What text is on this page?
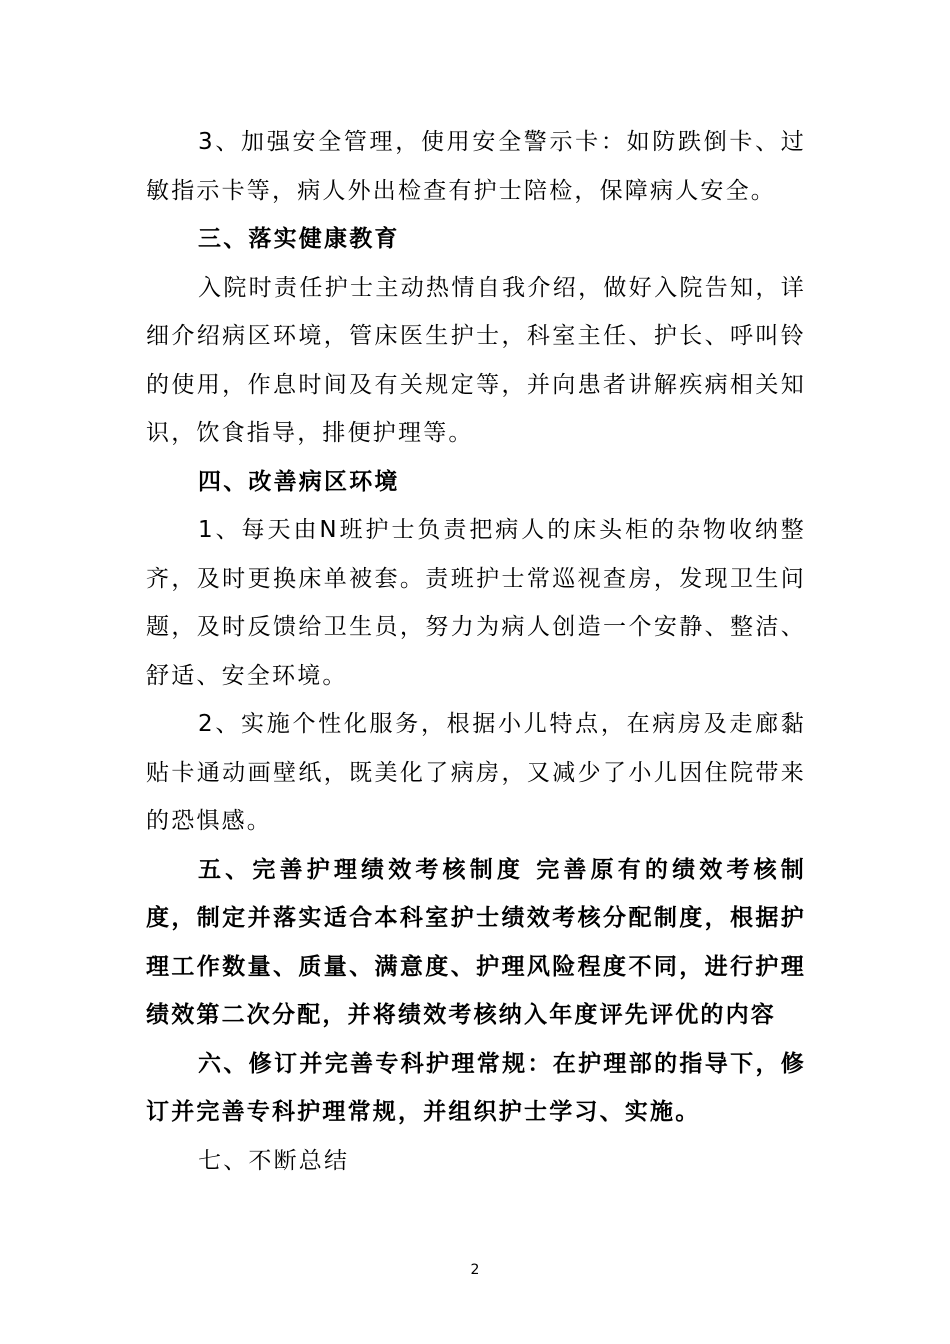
3、加强安全管理，使用安全警示卡：如防跌倒卡、过敏指示卡等，病人外出检查有护士陪检，保障病人安全。

三、落实健康教育

入院时责任护士主动热情自我介绍，做好入院告知，详细介绍病区环境，管床医生护士，科室主任、护长、呼叫铃的使用，作息时间及有关规定等，并向患者讲解疾病相关知识，饮食指导，排便护理等。

四、改善病区环境

1、每天由N班护士负责把病人的床头柜的杂物收纳整齐，及时更换床单被套。责班护士常巡视查房，发现卫生问题，及时反馈给卫生员，努力为病人创造一个安静、整洁、舒适、安全环境。

2、实施个性化服务，根据小儿特点，在病房及走廊黏贴卡通动画壁纸，既美化了病房，又减少了小儿因住院带来的恐惧感。

五、完善护理绩效考核制度 完善原有的绩效考核制度，制定并落实适合本科室护士绩效考核分配制度，根据护理工作数量、质量、满意度、护理风险程度不同，进行护理绩效第二次分配，并将绩效考核纳入年度评先评优的内容

六、修订并完善专科护理常规：在护理部的指导下，修订并完善专科护理常规，并组织护士学习、实施。

七、不断总结

2
